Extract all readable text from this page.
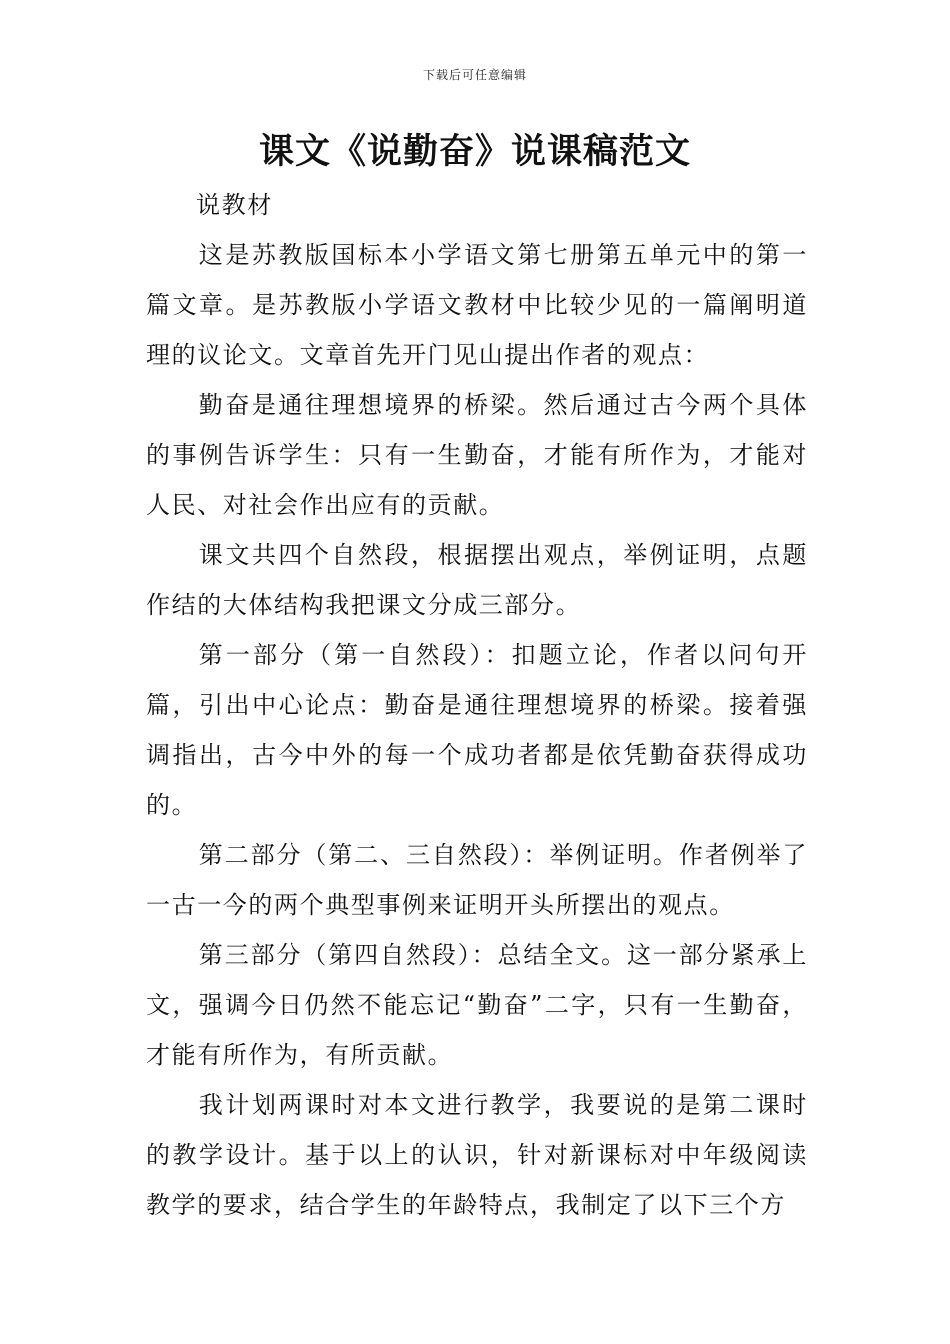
下载后可任意编辑
课文《说勤奋》说课稿范文

说教材

这是苏教版国标本小学语文第七册第五单元中的第一篇文章。是苏教版小学语文教材中比较少见的一篇阐明道理的议论文。文章首先开门见山提出作者的观点：

勤奋是通往理想境界的桥梁。然后通过古今两个具体的事例告诉学生：只有一生勤奋，才能有所作为，才能对人民、对社会作出应有的贡献。

课文共四个自然段，根据摆出观点，举例证明，点题作结的大体结构我把课文分成三部分。

第一部分（第一自然段）：扣题立论，作者以问句开篇，引出中心论点：勤奋是通往理想境界的桥梁。接着强调指出，古今中外的每一个成功者都是依凭勤奋获得成功的。

第二部分（第二、三自然段）：举例证明。作者例举了一古一今的两个典型事例来证明开头所摆出的观点。

第三部分（第四自然段）：总结全文。这一部分紧承上文，强调今日仍然不能忘记“勤奋”二字，只有一生勤奋，才能有所作为，有所贡献。

我计划两课时对本文进行教学，我要说的是第二课时的教学设计。基于以上的认识，针对新课标对中年级阅读教学的要求，结合学生的年龄特点，我制定了以下三个方
